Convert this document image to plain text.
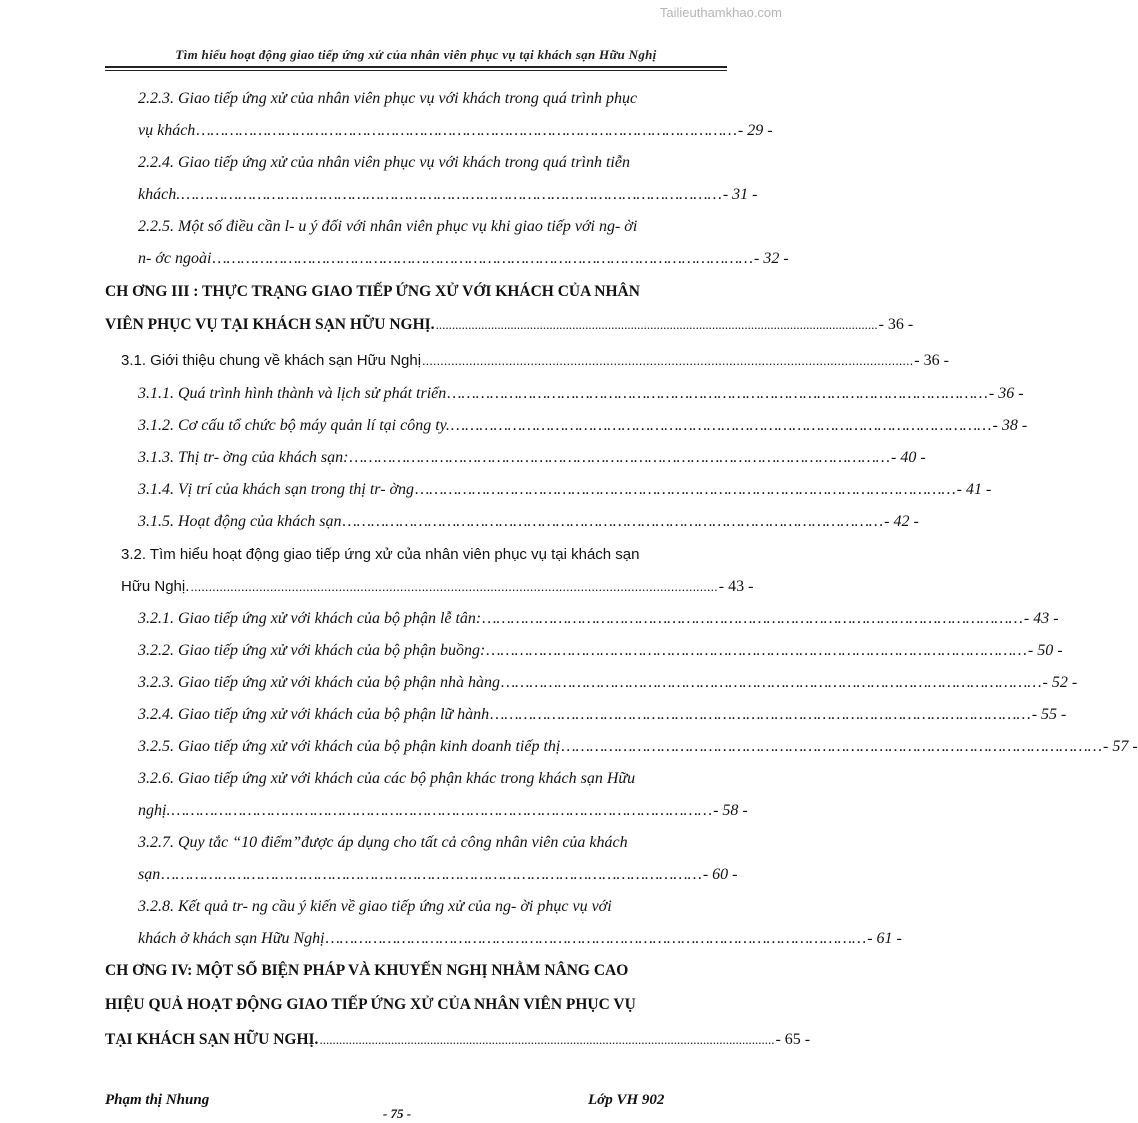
Tailieuthamkhao.com
Tìm hiểu hoạt động giao tiếp ứng xử của nhân viên phục vụ tại khách sạn Hữu Nghị
2.2.3. Giao tiếp ứng xử của nhân viên phục vụ với khách trong quá trình phục
vụ khách …………………………………………………………………………………………………… - 29 -
2.2.4. Giao tiếp ứng xử của nhân viên phục vụ với khách trong quá trình tiễn
khách. …………………………………………………………………………………………………… - 31 -
2.2.5. Một số điều cần l- u ý đối với nhân viên phục vụ khi giao tiếp với ng- ời
n- ớc ngoài …………………………………………………………………………………………………… - 32 -
CH ƠNG III : THỰC TRẠNG GIAO TIẾP ỨNG XỬ VỚI KHÁCH CỦA NHÂN
VIÊN PHỤC VỤ TẠI KHÁCH SẠN HỮU NGHỊ. ........................................................................................................................................ - 36 -
3.1. Giới thiệu chung về khách sạn Hữu Nghị ........................................................................................................................................ - 36 -
3.1.1. Quá trình hình thành và lịch sử phát triển …………………………………………………………………………………………………… - 36 -
3.1.2. Cơ cấu tổ chức bộ máy quản lí tại công ty. …………………………………………………………………………………………………… - 38 -
3.1.3. Thị tr- ờng của khách sạn: …………………………………………………………………………………………………… - 40 -
3.1.4. Vị trí của khách sạn trong thị tr- ờng …………………………………………………………………………………………………… - 41 -
3.1.5. Hoạt động của khách sạn …………………………………………………………………………………………………… - 42 -
3.2. Tìm hiểu hoạt động giao tiếp ứng xử của nhân viên phục vụ tại khách sạn
Hữu Nghị. .................................................................................................................................................. - 43 -
3.2.1. Giao tiếp ứng xử với khách của bộ phận lễ tân: …………………………………………………………………………………………………… - 43 -
3.2.2. Giao tiếp ứng xử với khách của bộ phận buồng: …………………………………………………………………………………………………… - 50 -
3.2.3. Giao tiếp ứng xử với khách của bộ phận nhà hàng …………………………………………………………………………………………………… - 52 -
3.2.4. Giao tiếp ứng xử với khách của bộ phận lữ hành …………………………………………………………………………………………………… - 55 -
3.2.5. Giao tiếp ứng xử với khách của bộ phận kinh doanh tiếp thị …………………………………………………………………………………………………… - 57 -
3.2.6. Giao tiếp ứng xử với khách của các bộ phận khác trong khách sạn Hữu
nghị. …………………………………………………………………………………………………… - 58 -
3.2.7. Quy tắc “10 điểm”được áp dụng cho tất cả công nhân viên của khách
sạn …………………………………………………………………………………………………… - 60 -
3.2.8. Kết quả tr- ng cầu ý kiến về giao tiếp ứng xử của ng- ời phục vụ với
khách ở khách sạn Hữu Nghị …………………………………………………………………………………………………… - 61 -
CH ƠNG IV: MỘT SỐ BIỆN PHÁP VÀ KHUYẾN NGHỊ NHẰM NÂNG CAO
HIỆU QUẢ HOẠT ĐỘNG GIAO TIẾP ỨNG XỬ CỦA NHÂN VIÊN PHỤC VỤ
TẠI KHÁCH SẠN HỮU NGHỊ. ............................................................................................................................................ - 65 -
Phạm thị Nhung	Lớp VH 902
- 75 -
